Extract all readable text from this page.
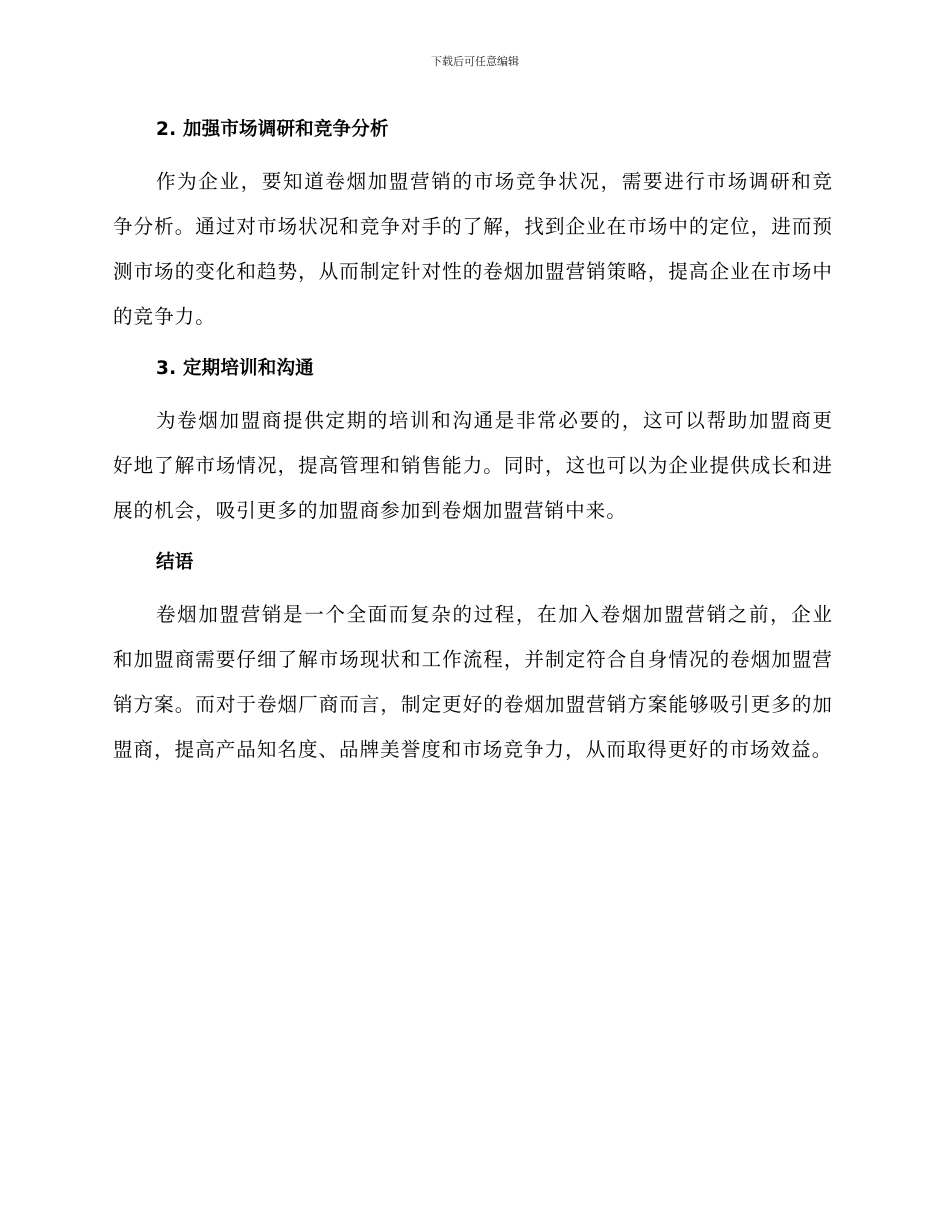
下载后可任意编辑
2. 加强市场调研和竞争分析

作为企业，要知道卷烟加盟营销的市场竞争状况，需要进行市场调研和竞争分析。通过对市场状况和竞争对手的了解，找到企业在市场中的定位，进而预测市场的变化和趋势，从而制定针对性的卷烟加盟营销策略，提高企业在市场中的竞争力。

3. 定期培训和沟通

为卷烟加盟商提供定期的培训和沟通是非常必要的，这可以帮助加盟商更好地了解市场情况，提高管理和销售能力。同时，这也可以为企业提供成长和进展的机会，吸引更多的加盟商参加到卷烟加盟营销中来。

结语

卷烟加盟营销是一个全面而复杂的过程，在加入卷烟加盟营销之前，企业和加盟商需要仔细了解市场现状和工作流程，并制定符合自身情况的卷烟加盟营销方案。而对于卷烟厂商而言，制定更好的卷烟加盟营销方案能够吸引更多的加盟商，提高产品知名度、品牌美誉度和市场竞争力，从而取得更好的市场效益。
